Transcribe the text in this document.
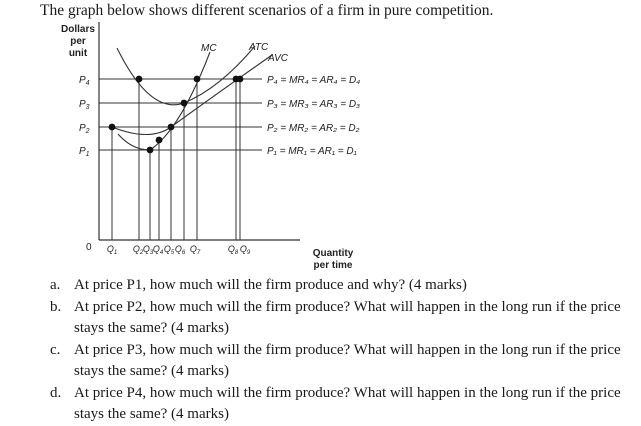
The graph below shows different scenarios of a firm in pure competition.
Dollars
per
unit
Quantity
per time
0
MC	ATC
AVC
$P_4$
$P_3$
$P_2$
$P_1$
$Q_1$ $Q_2$ $Q_3$ $Q_4$ $Q_5$ $Q_6$ $Q_7$	$Q_8$ $Q_9$
P₄ = MR₄ = AR₄ = D₄
P₃ = MR₃ = AR₃ = D₃
P₂ = MR₂ = AR₂ = D₂
P₁ = MR₁ = AR₁ = D₁
a. At price P1, how much will the firm produce and why? (4 marks)
b. At price P2, how much will the firm produce? What will happen in the long run if the price stays the same? (4 marks)
c. At price P3, how much will the firm produce? What will happen in the long run if the price stays the same? (4 marks)
d. At price P4, how much will the firm produce? What will happen in the long run if the price stays the same? (4 marks)
